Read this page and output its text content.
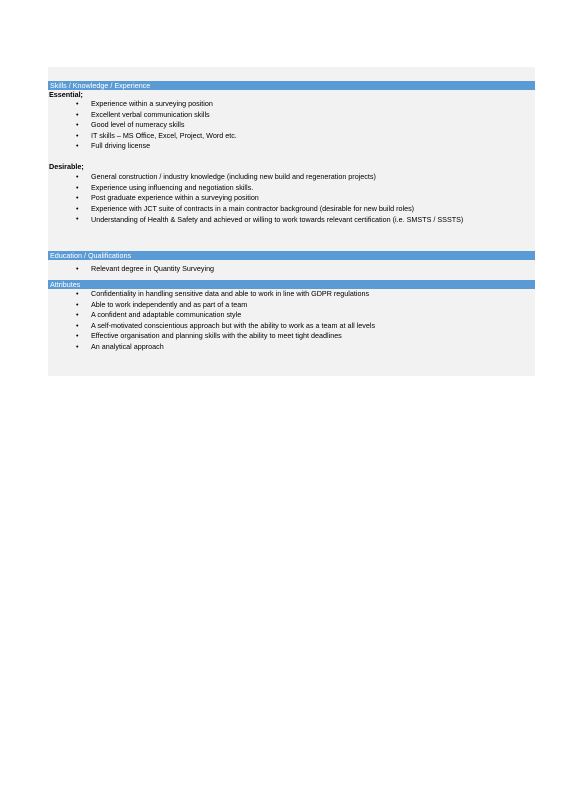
Skills / Knowledge / Experience
Essential;
• Experience within a surveying position
• Excellent verbal communication skills
• Good level of numeracy skills
• IT skills – MS Office, Excel, Project, Word etc.
• Full driving license
Desirable;
• General construction / industry knowledge (including new build and regeneration projects)
• Experience using influencing and negotiation skills.
• Post graduate experience within a surveying position
• Experience with JCT suite of contracts in a main contractor background (desirable for new build roles)
• Understanding of Health & Safety and achieved or willing to work towards relevant certification (i.e. SMSTS / SSSTS)
Education / Qualifications
• Relevant degree in Quantity Surveying
Attributes
• Confidentiality in handling sensitive data and able to work in line with GDPR regulations
• Able to work independently and as part of a team
• A confident and adaptable communication style
• A self-motivated conscientious approach but with the ability to work as a team at all levels
• Effective organisation and planning skills with the ability to meet tight deadlines
• An analytical approach
